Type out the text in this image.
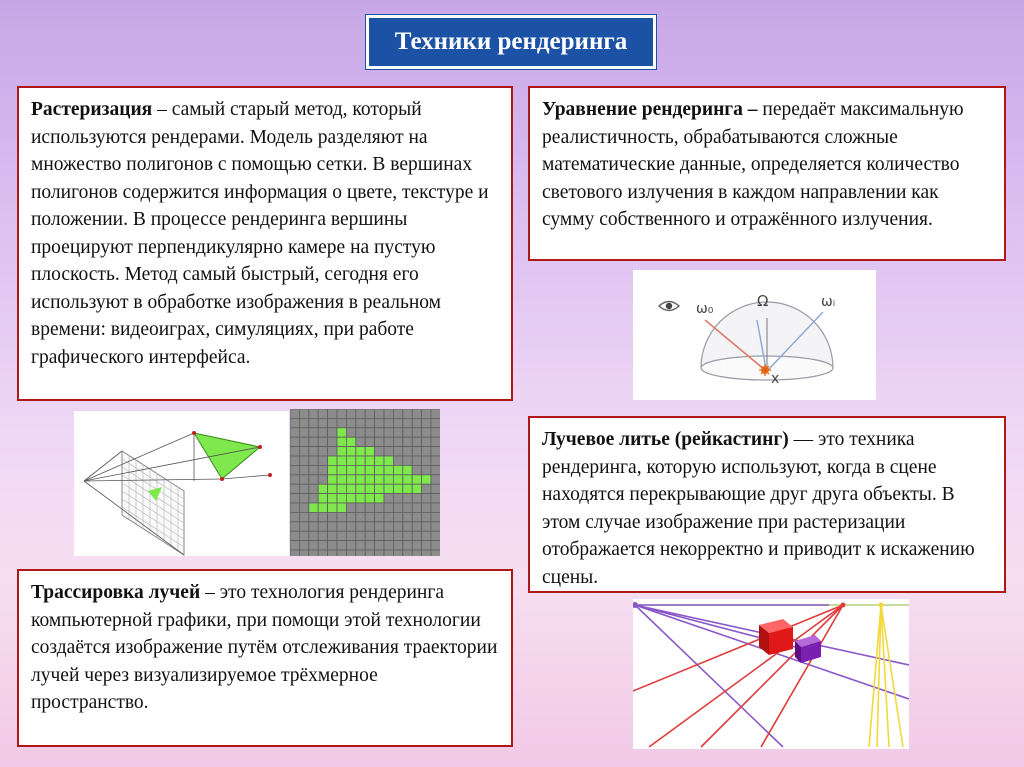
Техники рендеринга
Растеризация – самый старый метод, который используются рендерами. Модель разделяют на множество полигонов с помощью сетки. В вершинах полигонов содержится информация о цвете, текстуре и положении. В процессе рендеринга вершины проецируют перпендикулярно камере на пустую плоскость. Метод самый быстрый, сегодня его используют в обработке изображения в реальном времени: видеоиграх, симуляциях, при работе графического интерфейса.
Уравнение рендеринга – передаёт максимальную реалистичность, обрабатываются сложные математические данные, определяется количество светового излучения в каждом направлении как сумму собственного и отражённого излучения.
ω₀	Ω	ωᵢ
x
Лучевое литье (рейкастинг) — это техника рендеринга, которую используют, когда в сцене находятся перекрывающие друг друга объекты. В этом случае изображение при растеризации отображается некорректно и приводит к искажению сцены.
Трассировка лучей – это технология рендеринга компьютерной графики, при помощи этой технологии создаётся изображение путём отслеживания траектории лучей через визуализируемое трёхмерное пространство.
